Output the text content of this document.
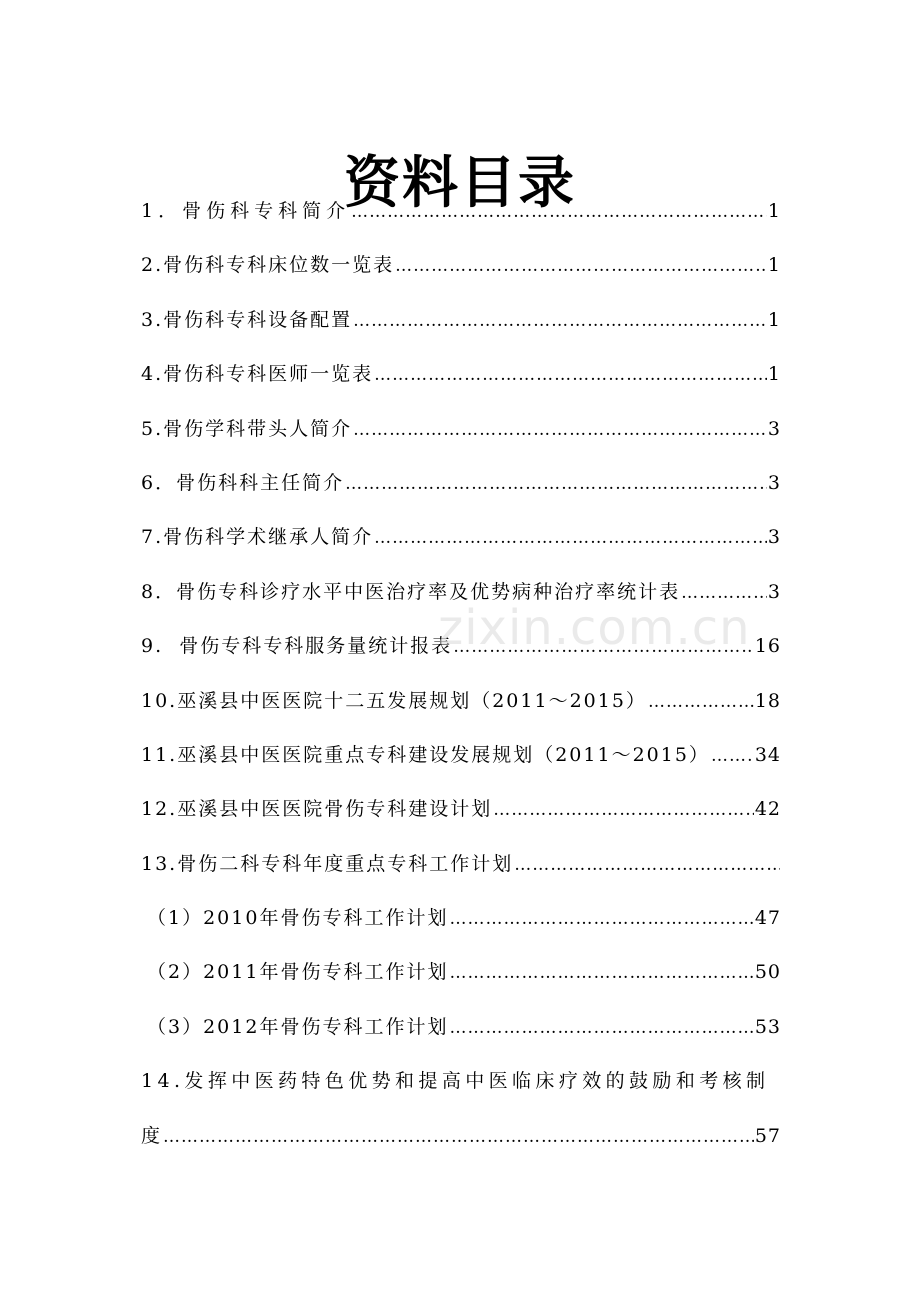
资料目录
1．骨伤科专科简介 ……………………………………………………………………………………………………………………………………	1
2.骨伤科专科床位数一览表 ……………………………………………………………………………………………………………………………………	1
3.骨伤科专科设备配置 ……………………………………………………………………………………………………………………………………	1
4.骨伤科专科医师一览表 ……………………………………………………………………………………………………………………………………	1
5.骨伤学科带头人简介 ……………………………………………………………………………………………………………………………………	3
6．骨伤科科主任简介 ……………………………………………………………………………………………………………………………………	3
7.骨伤科学术继承人简介 ……………………………………………………………………………………………………………………………………	3
8．骨伤专科诊疗水平中医治疗率及优势病种治疗率统计表 ……………………………………………………………………………………………………………………………………	3
9.  骨伤专科专科服务量统计报表 ……………………………………………………………………………………………………………………………………	16
10.巫溪县中医医院十二五发展规划（2011～2015） ……………………………………………………………………………………………………………………………………	18
11.巫溪县中医医院重点专科建设发展规划（2011～2015） …………………………………………………………………………………………………………………………………… 34
12.巫溪县中医医院骨伤专科建设计划 ……………………………………………………………………………………………………………………………………	42
13.骨伤二科专科年度重点专科工作计划
……………………………………………………………………………………………………………………………………
（1）2010年骨伤专科工作计划 ……………………………………………………………………………………………………………………………………	47
（2）2011年骨伤专科工作计划 ……………………………………………………………………………………………………………………………………	50
（3）2012年骨伤专科工作计划 ……………………………………………………………………………………………………………………………………	53
14.发挥中医药特色优势和提高中医临床疗效的鼓励和考核制
度 ……………………………………………………………………………………………………………………………………	57
zixin.com.cn
